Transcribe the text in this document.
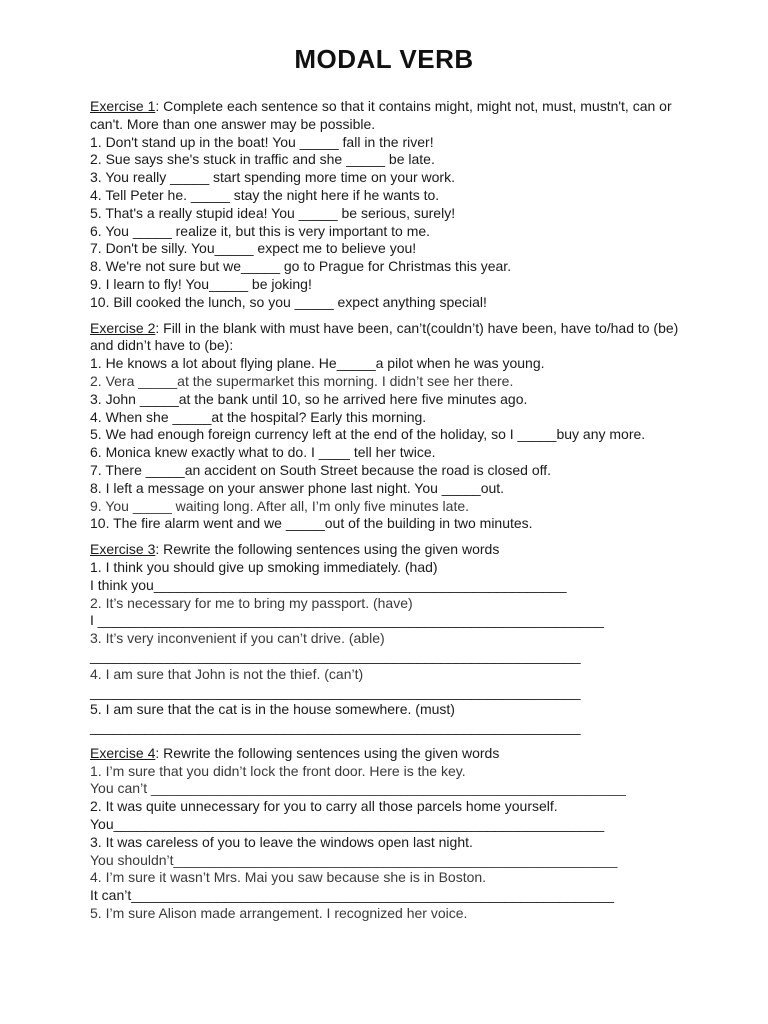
MODAL VERB

Exercise 1: Complete each sentence so that it contains might, might not, must, mustn't, can or can't. More than one answer may be possible.

1. Don't stand up in the boat! You _____ fall in the river!

2. Sue says she's stuck in traffic and she _____ be late.

3. You really _____ start spending more time on your work.

4. Tell Peter he. _____ stay the night here if he wants to.

5. That's a really stupid idea! You _____ be serious, surely!

6. You _____ realize it, but this is very important to me.

7. Don't be silly. You_____ expect me to believe you!

8. We're not sure but we_____ go to Prague for Christmas this year.

9. I learn to fly! You_____ be joking!

10. Bill cooked the lunch, so you _____ expect anything special!

Exercise 2: Fill in the blank with must have been, can’t(couldn’t) have been, have to/had to (be) and didn’t have to (be):

1. He knows a lot about flying plane. He_____a pilot when he was young.

2. Vera _____at the supermarket this morning. I didn’t see her there.

3. John _____at the bank until 10, so he arrived here five minutes ago.

4. When she _____at the hospital? Early this morning.

5. We had enough foreign currency left at the end of the holiday, so I _____buy any more.

6. Monica knew exactly what to do. I ____ tell her twice.

7. There _____an accident on South Street because the road is closed off.

8. I left a message on your answer phone last night. You _____out.

9. You _____ waiting long. After all, I’m only five minutes late.

10. The fire alarm went and we _____out of the building in two minutes.

Exercise 3: Rewrite the following sentences using the given words

1. I think you should give up smoking immediately. (had)

I think you_____________________________________________________

2. It’s necessary for me to bring my passport. (have)

I _________________________________________________________________

3. It’s very inconvenient if you can’t drive. (able)

_______________________________________________________________

4. I am sure that John is not the thief. (can’t)

_______________________________________________________________

5. I am sure that the cat is in the house somewhere. (must)

_______________________________________________________________

Exercise 4: Rewrite the following sentences using the given words

1. I’m sure that you didn’t lock the front door. Here is the key.

You can’t _____________________________________________________________

2. It was quite unnecessary for you to carry all those parcels home yourself.

You_______________________________________________________________

3. It was careless of you to leave the windows open last night.

You shouldn’t_________________________________________________________

4. I’m sure it wasn’t Mrs. Mai you saw because she is in Boston.

It can’t______________________________________________________________

5. I’m sure Alison made arrangement. I recognized her voice.
